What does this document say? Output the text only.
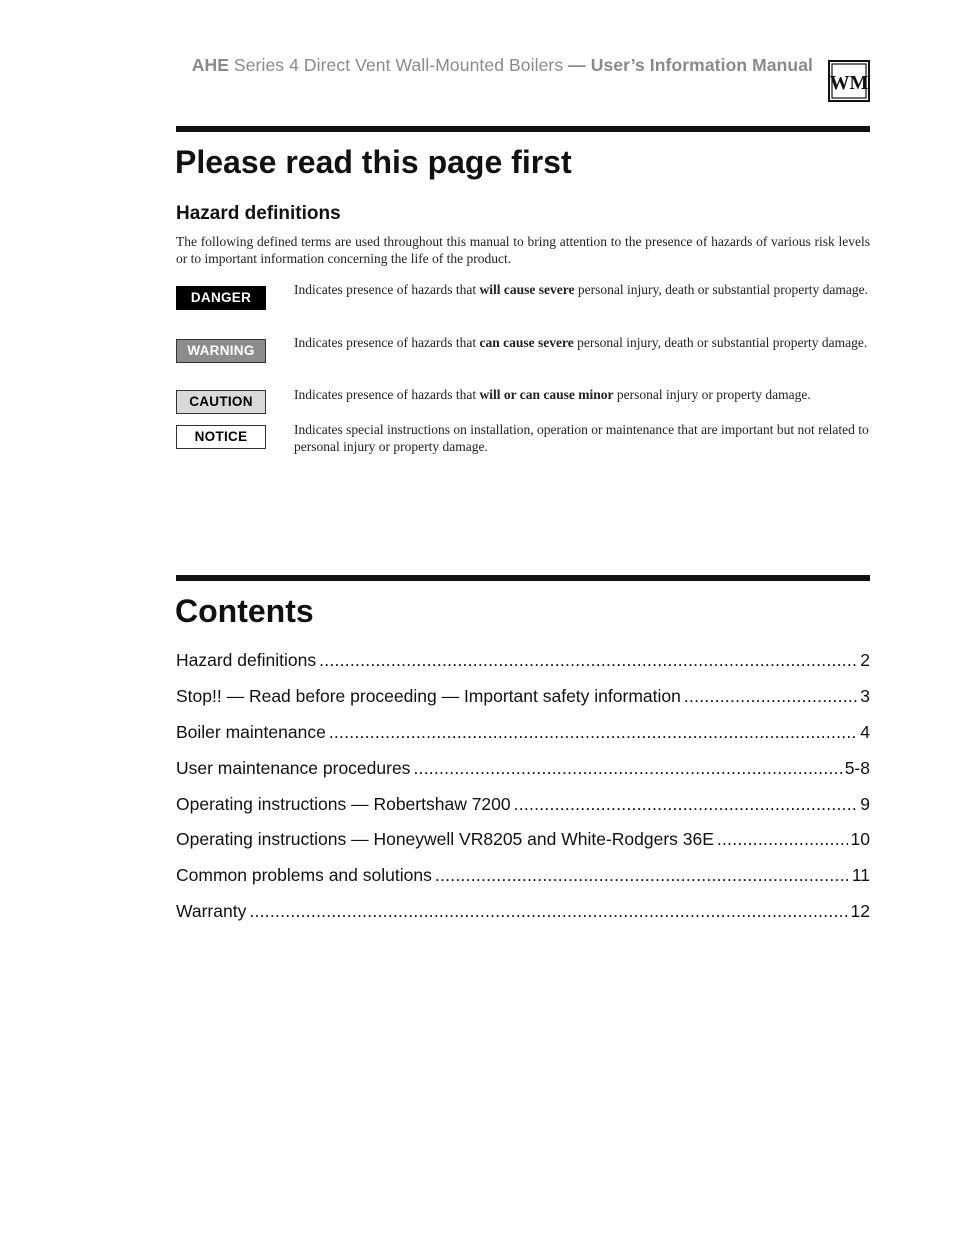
AHE Series 4 Direct Vent Wall-Mounted Boilers — User’s Information Manual
WM
Please read this page first
Hazard definitions

The following defined terms are used throughout this manual to bring attention to the presence of hazards of various risk levels or to important information concerning the life of the product.

DANGER
Indicates presence of hazards that will cause severe personal injury, death or substantial property damage.
WARNING
Indicates presence of hazards that can cause severe personal injury, death or substantial property damage.
CAUTION	Indicates presence of hazards that will or can cause minor personal injury or property damage.
NOTICE	Indicates special instructions on installation, operation or maintenance that are important but not related to personal injury or property damage.
Contents
Hazard definitions . . .	2
Stop!! — Read before proceeding — Important safety information . . .	3
Boiler maintenance . . .	4
User maintenance procedures . . .	5-8
Operating instructions — Robertshaw 7200 . . .	9
Operating instructions — Honeywell VR8205 and White-Rodgers 36E . . .	10
Common problems and solutions . . .	11
Warranty . . .	12
